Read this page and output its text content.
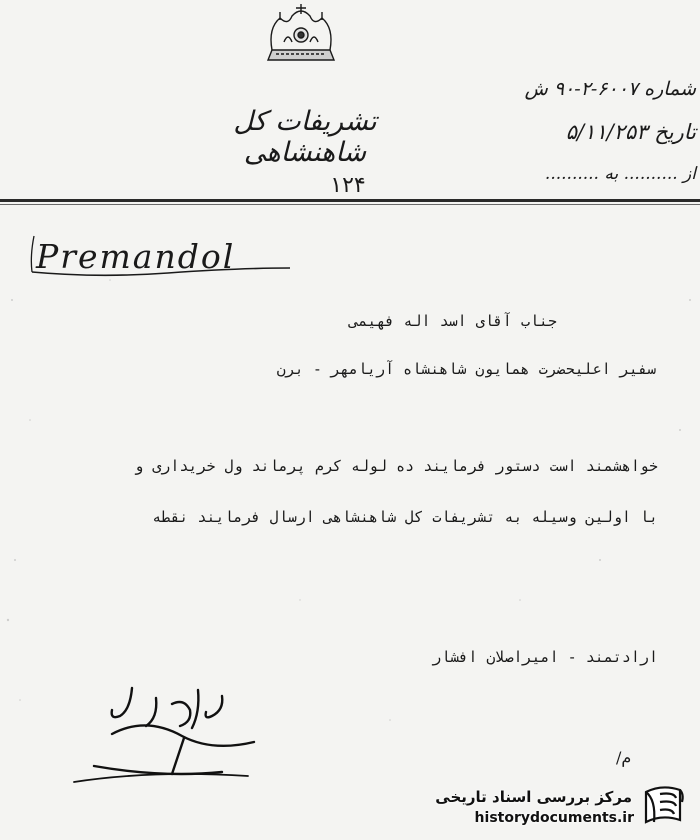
تشریفات کل شاهنشاهی
شماره ۶۰۰۷-۲-۹۰ ش
تاریخ ۵/۱۱/۲۵۳
از .......... به ..........
۱۲۴
Premandol
جناب آقای اسد اله فهیمی
سفیر اعلیحضرت همایون شاهنشاه آریامهر - برن
خواهشمند است دستور فرمایند ده لوله کرم پرماند ول خریداری و
با اولین وسیله به تشریفات کل شاهنشاهی ارسال فرمایند نقطه
ارادتمند - امیراصلان افشار
م/
مرکز بررسی اسناد تاریخی
historydocuments.ir
